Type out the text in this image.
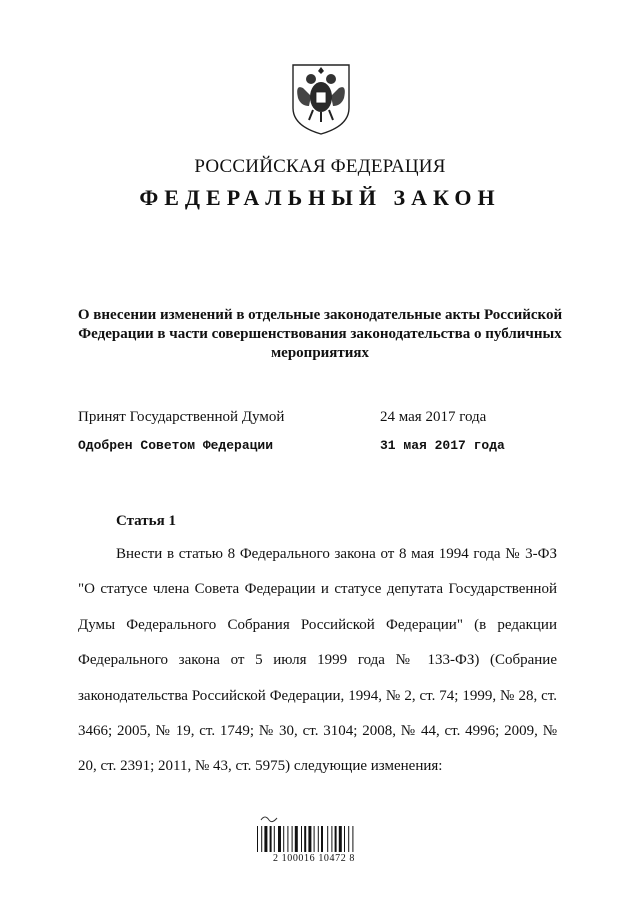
РОССИЙСКАЯ ФЕДЕРАЦИЯ
ФЕДЕРАЛЬНЫЙ ЗАКОН
О внесении изменений в отдельные законодательные акты Российской Федерации в части совершенствования законодательства о публичных мероприятиях
Принят Государственной Думой	24 мая 2017 года
Одобрен Советом Федерации	31 мая 2017 года
Статья 1
Внести в статью 8 Федерального закона от 8 мая 1994 года № 3-ФЗ "О статусе члена Совета Федерации и статусе депутата Государственной Думы Федерального Собрания Российской Федерации" (в редакции Федерального закона от 5 июля 1999 года № 133-ФЗ) (Собрание законодательства Российской Федерации, 1994, № 2, ст. 74; 1999, № 28, ст. 3466; 2005, № 19, ст. 1749; № 30, ст. 3104; 2008, № 44, ст. 4996; 2009, № 20, ст. 2391; 2011, № 43, ст. 5975) следующие изменения:
2 100016 10472 8
